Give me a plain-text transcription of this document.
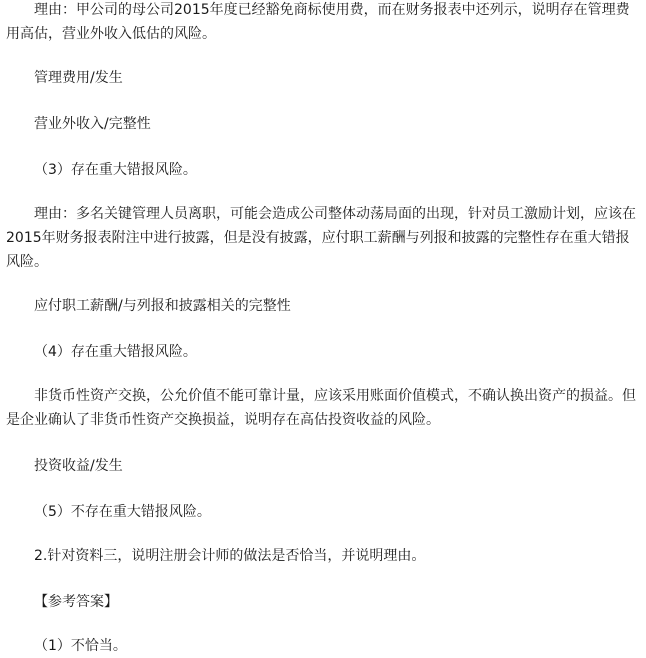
理由：甲公司的母公司2015年度已经豁免商标使用费，而在财务报表中还列示，说明存在管理费用高估，营业外收入低估的风险。

管理费用/发生

营业外收入/完整性

（3）存在重大错报风险。

理由：多名关键管理人员离职，可能会造成公司整体动荡局面的出现，针对员工激励计划，应该在2015年财务报表附注中进行披露，但是没有披露，应付职工薪酬与列报和披露的完整性存在重大错报风险。

应付职工薪酬/与列报和披露相关的完整性

（4）存在重大错报风险。

非货币性资产交换，公允价值不能可靠计量，应该采用账面价值模式，不确认换出资产的损益。但是企业确认了非货币性资产交换损益，说明存在高估投资收益的风险。

投资收益/发生

（5）不存在重大错报风险。

2.针对资料三，说明注册会计师的做法是否恰当，并说明理由。

【参考答案】

（1）不恰当。
